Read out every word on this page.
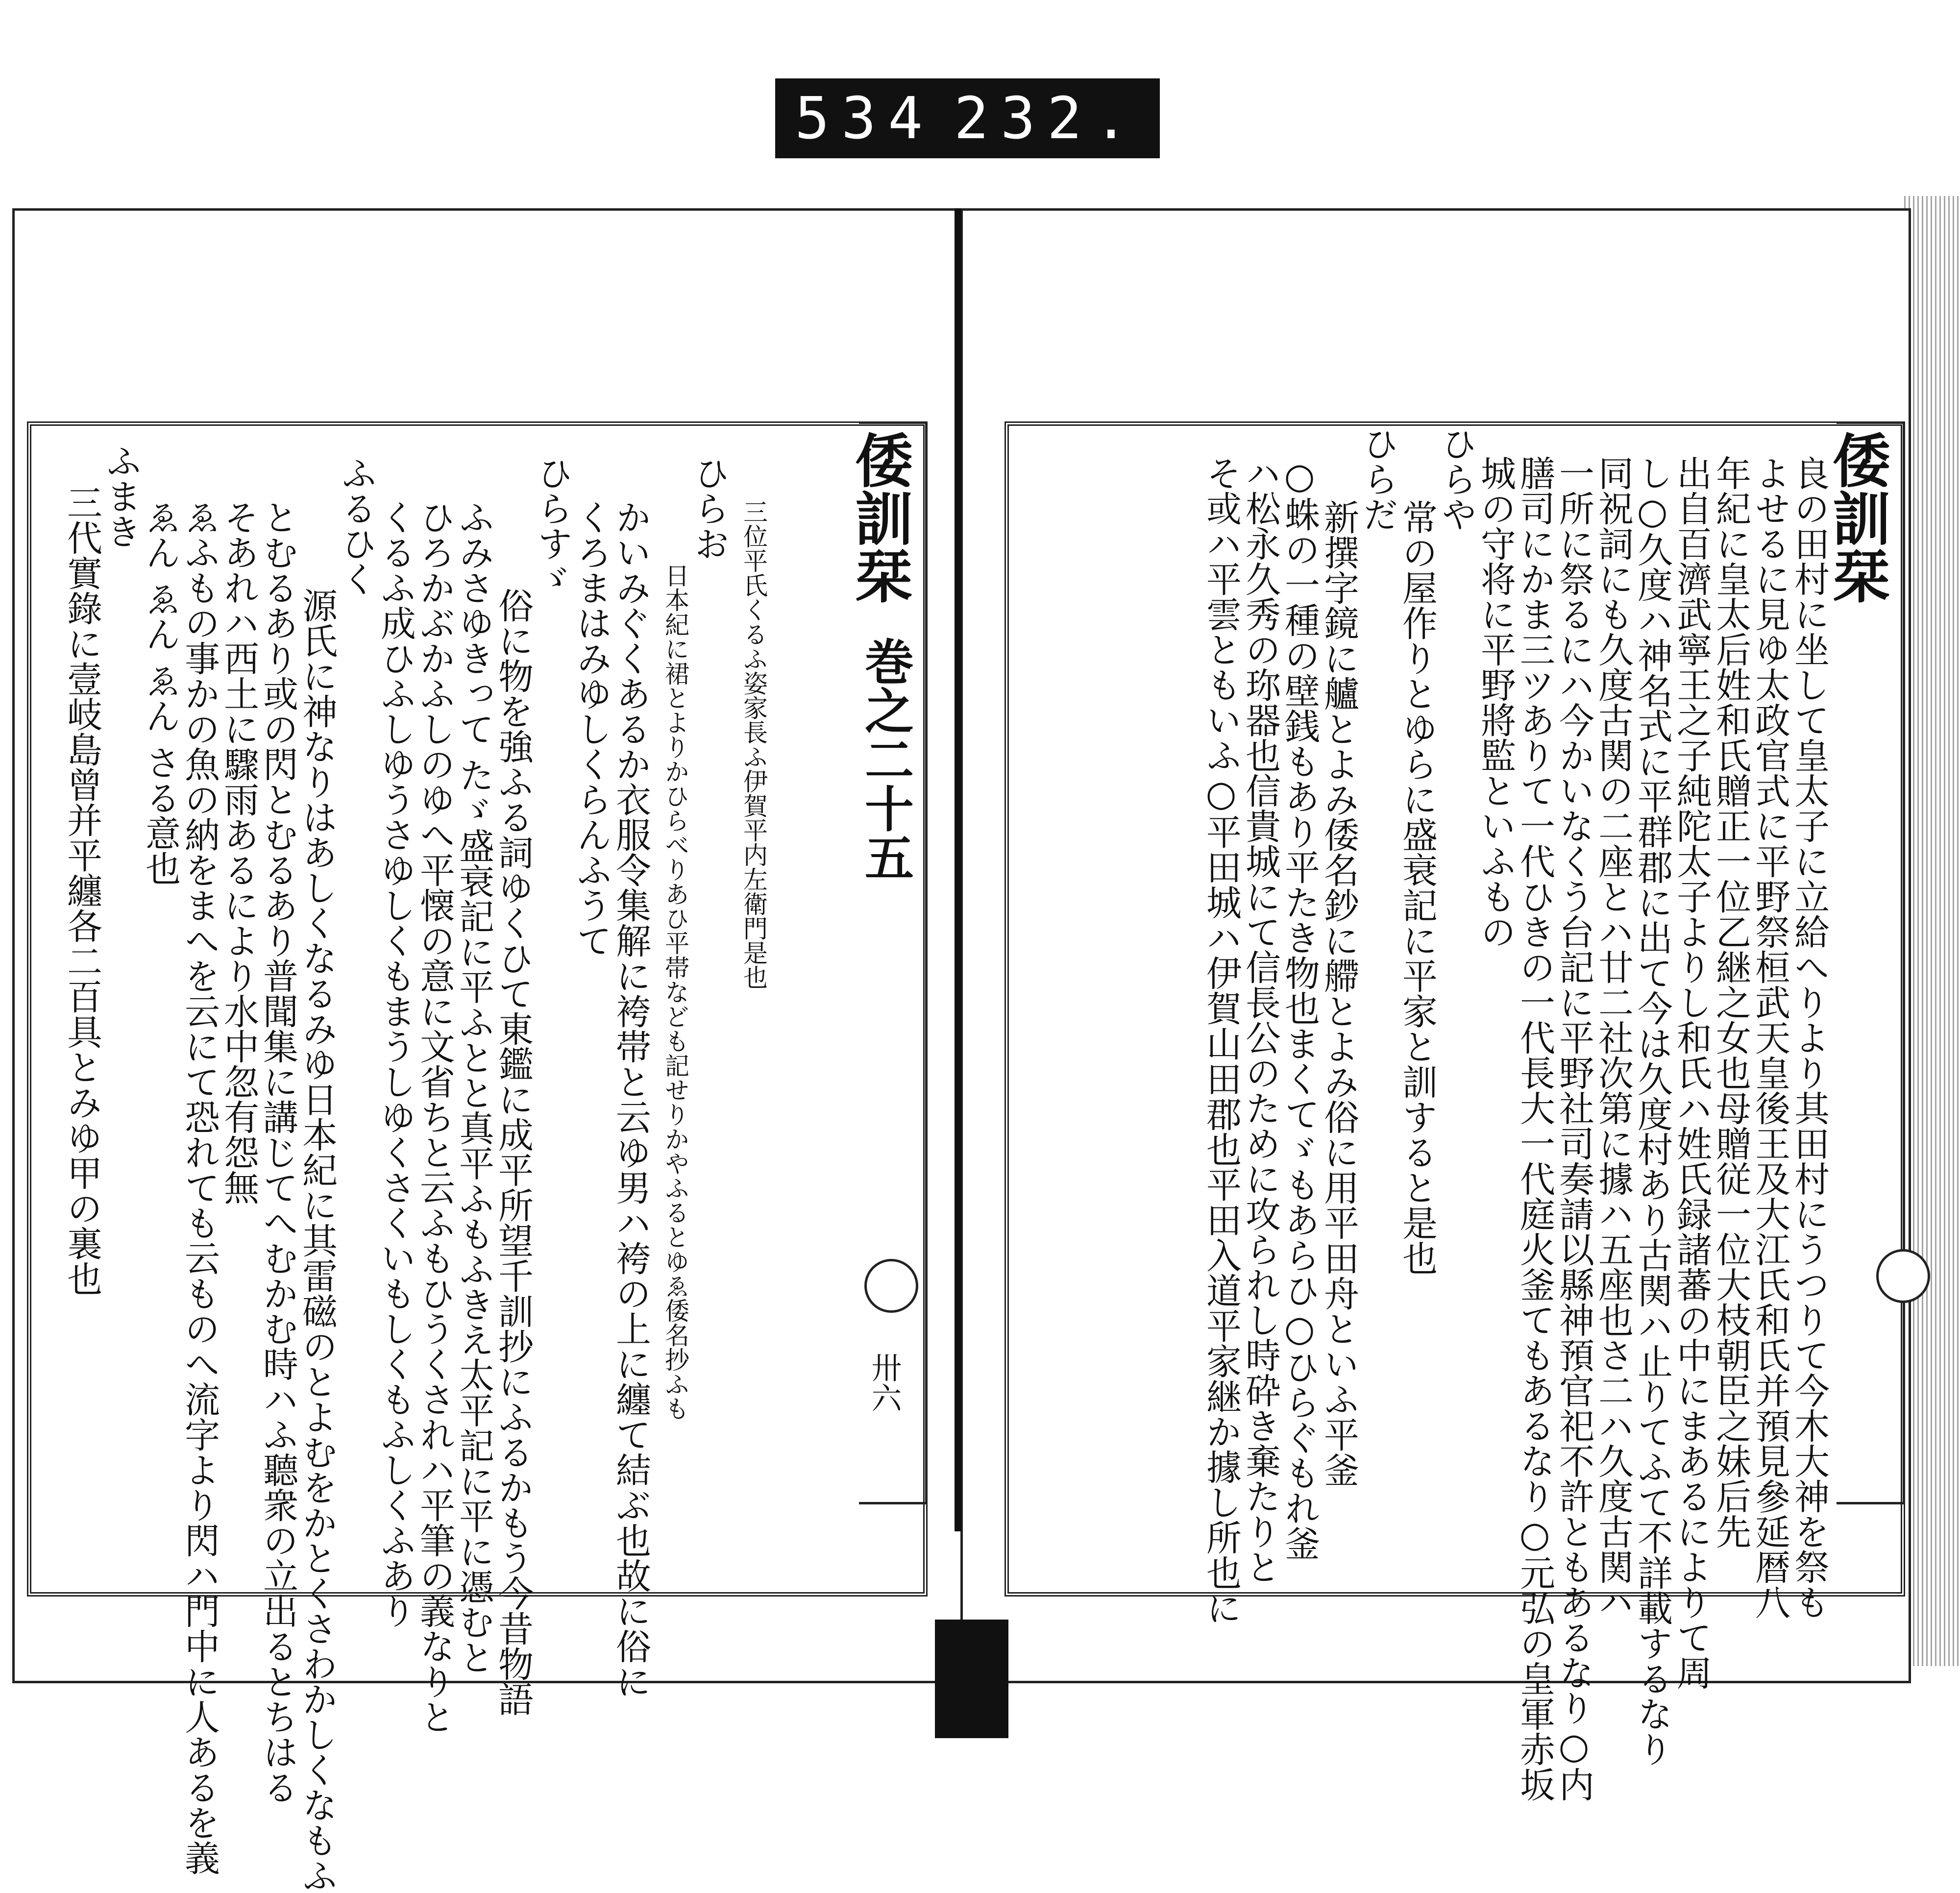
534 232.
倭訓栞
巻之二十五
卅六
三代實錄に壹岐島曾并平纏各二百具とみゆ甲の裏也
ふまき
ゑん ゑん ゑん さる意也
ゑふもの事かの魚の納をまへを云にて恐れても云ものへ流字より閃ハ門中に人あるを義
そあれハ西土に驟雨あるにより水中忽有怨無
とむるあり或の閃とむるあり普聞集に講じてへむかむ時ハふ聽衆の立出るとちはる
源氏に神なりはあしくなるみゆ日本紀に其雷磁のとよむをかとくさわかしくなもふ
ふるひく
くるふ成ひふしゆうさゆしくもまうしゆくさくいもしくもふしくふあり
ひろかぶかふしのゆへ平懐の意に文省ちと云ふもひうくされハ平筆の義なりと
ふみさゆきって たゞ盛衰記に平ふとと真平ふもふきえ太平記に平に憑むと
俗に物を強ふる詞ゆくひて東鑑に成平所望千訓抄にふるかもう今昔物語
ひらすゞ
くろまはみゆしくらんふうて
かいみぐくあるか衣服令集解に袴帯と云ゆ男ハ袴の上に纏て結ぶ也故に俗に 日本紀に裙とよりかひらべりあひ平帯なども記せりかやふるとゆゑ倭名抄ふも
ひらお 三位平氏くるふ姿家長ふ伊賀平内左衛門是也	倭訓栞
良の田村に坐して皇太子に立給へりより其田村にうつりて今木大神を祭も
よせるに見ゆ太政官式に平野祭桓武天皇後王及大江氏和氏并預見參延暦八
年紀に皇太后姓和氏贈正一位乙継之女也母贈従一位大枝朝臣之妹后先
出自百濟武寧王之子純陀太子よりし和氏ハ姓氏録諸蕃の中にまあるによりて周
し○久度ハ神名式に平群郡に出て今は久度村あり古関ハ止りてふて不詳載するなり
同祝詞にも久度古関の二座とハ廿二社次第に據ハ五座也さ二ハ久度古関ハ
一所に祭るにハ今かいなくう台記に平野社司奏請以縣神預官祀不許ともあるなり○内
膳司にかま三ツありて一代ひきの一代長大一代庭火釜てもあるなり○元弘の皇軍赤坂
城の守将に平野將監といふもの
ひらや
常の屋作りとゆらに盛衰記に平家と訓すると是也
ひらだ
新撰字鏡に艫とよみ倭名鈔に艜とよみ俗に用平田舟といふ平釜
○蛛の一種の壁銭もあり平たき物也まくてゞもあらひ○ひらぐもれ釜
ハ松永久秀の珎器也信貴城にて信長公のために攻られし時砕き棄たりと
そ或ハ平雲ともいふ○平田城ハ伊賀山田郡也平田入道平家継か據し所也に
